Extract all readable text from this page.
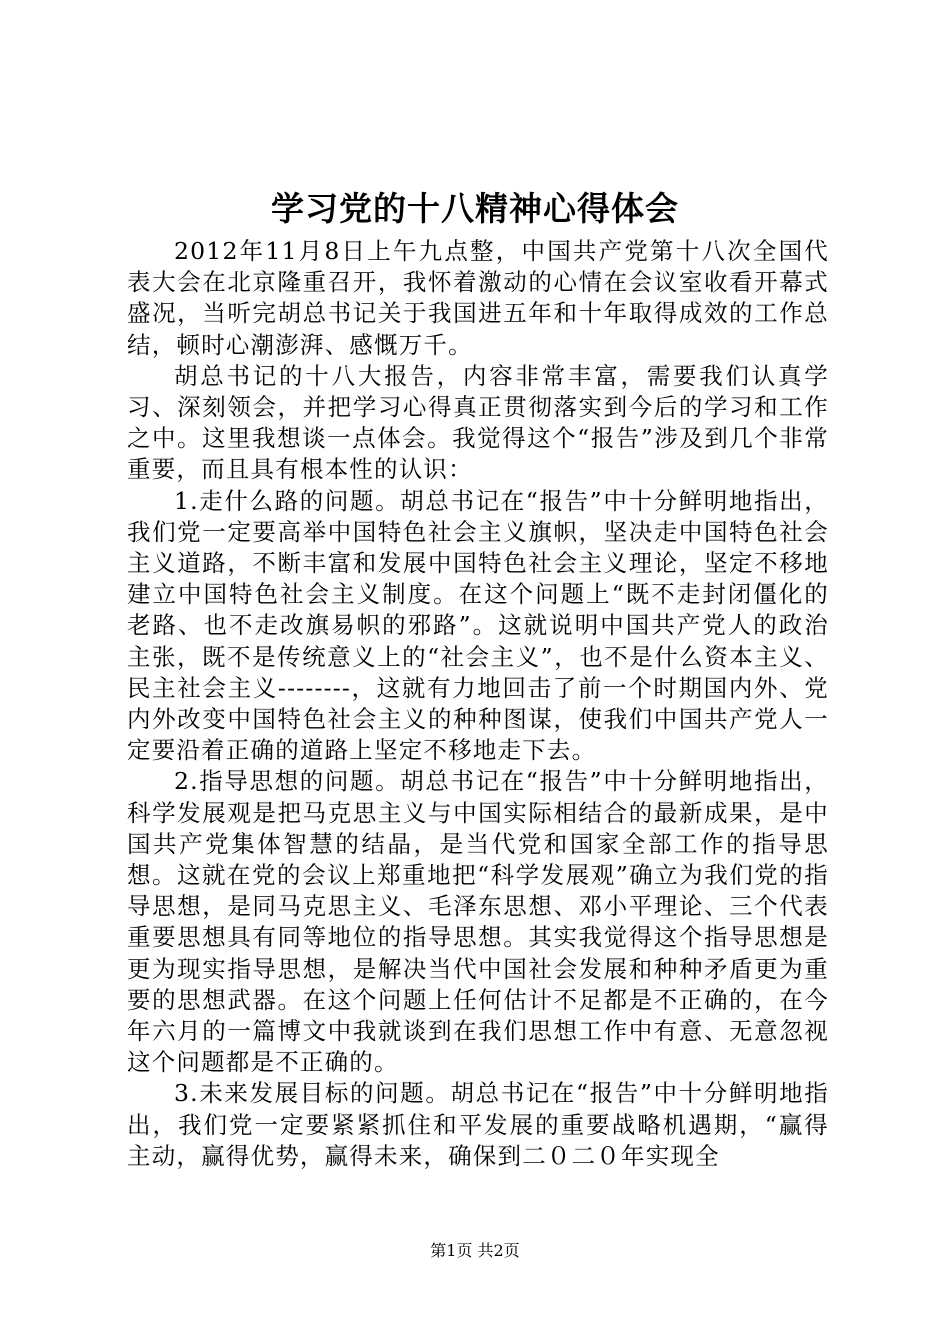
学习党的十八精神心得体会

2012年11月8日上午九点整，中国共产党第十八次全国代表大会在北京隆重召开，我怀着激动的心情在会议室收看开幕式盛况，当听完胡总书记关于我国进五年和十年取得成效的工作总结，顿时心潮澎湃、感慨万千。

胡总书记的十八大报告，内容非常丰富，需要我们认真学习、深刻领会，并把学习心得真正贯彻落实到今后的学习和工作之中。这里我想谈一点体会。我觉得这个“报告”涉及到几个非常重要，而且具有根本性的认识：

1.走什么路的问题。胡总书记在“报告”中十分鲜明地指出，我们党一定要高举中国特色社会主义旗帜，坚决走中国特色社会主义道路，不断丰富和发展中国特色社会主义理论，坚定不移地建立中国特色社会主义制度。在这个问题上“既不走封闭僵化的老路、也不走改旗易帜的邪路”。这就说明中国共产党人的政治主张，既不是传统意义上的“社会主义”，也不是什么资本主义、民主社会主义--------，这就有力地回击了前一个时期国内外、党内外改变中国特色社会主义的种种图谋，使我们中国共产党人一定要沿着正确的道路上坚定不移地走下去。

2.指导思想的问题。胡总书记在“报告”中十分鲜明地指出，科学发展观是把马克思主义与中国实际相结合的最新成果，是中国共产党集体智慧的结晶，是当代党和国家全部工作的指导思想。这就在党的会议上郑重地把“科学发展观”确立为我们党的指导思想，是同马克思主义、毛泽东思想、邓小平理论、三个代表重要思想具有同等地位的指导思想。其实我觉得这个指导思想是更为现实指导思想，是解决当代中国社会发展和种种矛盾更为重要的思想武器。在这个问题上任何估计不足都是不正确的，在今年六月的一篇博文中我就谈到在我们思想工作中有意、无意忽视这个问题都是不正确的。

3.未来发展目标的问题。胡总书记在“报告”中十分鲜明地指出，我们党一定要紧紧抓住和平发展的重要战略机遇期，“赢得主动，赢得优势，赢得未来，确保到二０二０年实现全

第1页 共2页
